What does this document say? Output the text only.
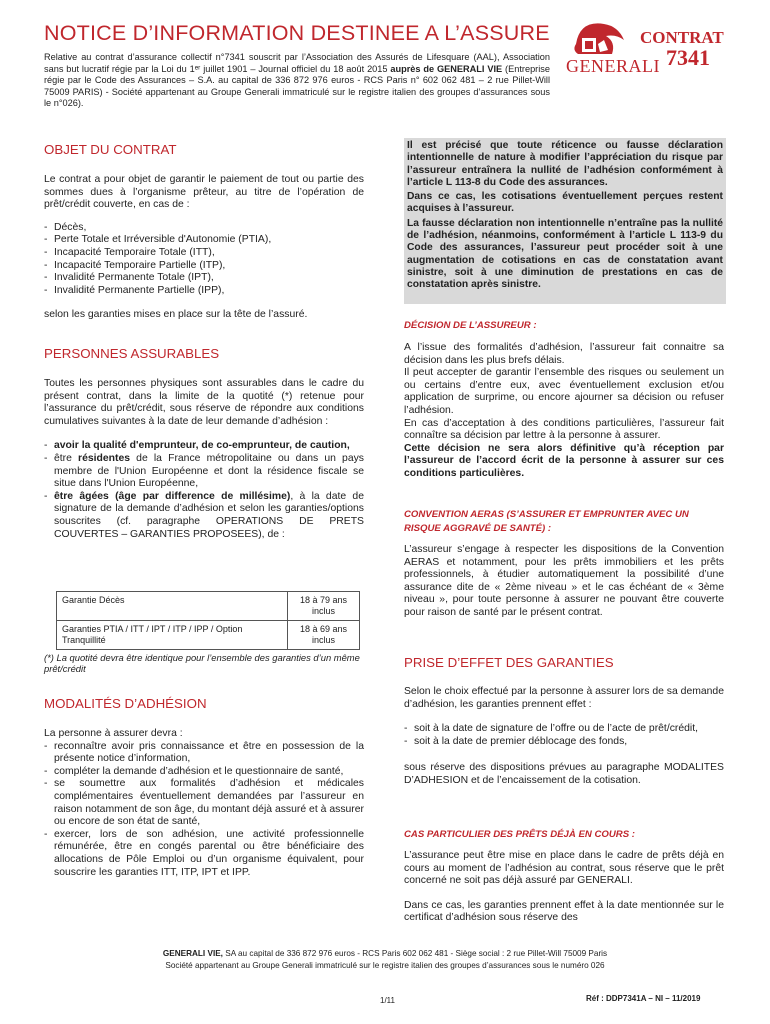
NOTICE D’INFORMATION DESTINEE A L’ASSURE
Relative au contrat d’assurance collectif n°7341 souscrit par l’Association des Assurés de Lifesquare (AAL), Association sans but lucratif régie par la Loi du 1ᵉʳ juillet 1901 – Journal officiel du 18 août 2015 auprès de GENERALI VIE (Entreprise régie par le Code des Assurances – S.A. au capital de 336 872 976 euros - RCS Paris n° 602 062 481 – 2 rue Pillet-Will 75009 PARIS) - Société appartenant au Groupe Generali immatriculé sur le registre italien des groupes d’assurances sous le n°026).
GENERALI
CONTRAT
7341
OBJET DU CONTRAT

Le contrat a pour objet de garantir le paiement de tout ou partie des sommes dues à l’organisme prêteur, au titre de l’opération de prêt/crédit couverte, en cas de :

- Décès,
- Perte Totale et Irréversible d'Autonomie (PTIA),
- Incapacité Temporaire Totale (ITT),
- Incapacité Temporaire Partielle (ITP),
- Invalidité Permanente Totale (IPT),
- Invalidité Permanente Partielle (IPP),

selon les garanties mises en place sur la tête de l’assuré.

PERSONNES ASSURABLES

Toutes les personnes physiques sont assurables dans le cadre du présent contrat, dans la limite de la quotité (*) retenue pour l’assurance du prêt/crédit, sous réserve de répondre aux conditions cumulatives suivantes à la date de leur demande d’adhésion :

- avoir la qualité d'emprunteur, de co-emprunteur, de caution,
- être résidentes de la France métropolitaine ou dans un pays membre de l'Union Européenne et dont la résidence fiscale se situe dans l'Union Européenne,
- être âgées (âge par difference de millésime), à la date de signature de la demande d’adhésion et selon les garanties/options souscrites (cf. paragraphe OPERATIONS DE PRETS COUVERTES – GARANTIES PROPOSEES), de :
Garantie Décès	18 à 79 ans inclus
Garanties PTIA / ITT / IPT / ITP / IPP / Option Tranquillité	18 à 69 ans inclus
(*) La quotité devra être identique pour l’ensemble des garanties d’un même prêt/crédit
MODALITÉS D’ADHÉSION

La personne à assurer devra :

- reconnaître avoir pris connaissance et être en possession de la présente notice d’information,
- compléter la demande d’adhésion et le questionnaire de santé,
- se soumettre aux formalités d’adhésion et médicales complémentaires éventuellement demandées par l’assureur en raison notamment de son âge, du montant déjà assuré et à assurer ou encore de son état de santé,
- exercer, lors de son adhésion, une activité professionnelle rémunérée, être en congés parental ou être bénéficiaire des allocations de Pôle Emploi ou d’un organisme équivalent, pour souscrire les garanties ITT, ITP, IPT et IPP.

Il est précisé que toute réticence ou fausse déclaration intentionnelle de nature à modifier l’appréciation du risque par l’assureur entraînera la nullité de l’adhésion conformément à l’article L 113-8 du Code des assurances.

Dans ce cas, les cotisations éventuellement perçues restent acquises à l’assureur.

La fausse déclaration non intentionnelle n’entraîne pas la nullité de l’adhésion, néanmoins, conformément à l’article L 113-9 du Code des assurances, l’assureur peut procéder soit à une augmentation de cotisations en cas de constatation avant sinistre, soit à une diminution de prestations en cas de constatation après sinistre.

DÉCISION DE L’ASSUREUR :

A l’issue des formalités d’adhésion, l’assureur fait connaitre sa décision dans les plus brefs délais.

Il peut accepter de garantir l’ensemble des risques ou seulement un ou certains d’entre eux, avec éventuellement exclusion et/ou application de surprime, ou encore ajourner sa décision ou refuser l’adhésion.

En cas d’acceptation à des conditions particulières, l’assureur fait connaître sa décision par lettre à la personne à assurer.

Cette décision ne sera alors définitive qu’à réception par l’assureur de l’accord écrit de la personne à assurer sur ces conditions particulières.

CONVENTION AERAS (S’ASSURER ET EMPRUNTER AVEC UN RISQUE AGGRAVÉ DE SANTÉ) :
L’assureur s’engage à respecter les dispositions de la Convention AERAS et notamment, pour les prêts immobiliers et les prêts professionnels, à étudier automatiquement la possibilité d’une assurance dite de « 2ème niveau » et le cas échéant de « 3ème niveau », pour toute personne à assurer ne pouvant être couverte pour raison de santé par le présent contrat.
PRISE D’EFFET DES GARANTIES

Selon le choix effectué par la personne à assurer lors de sa demande d’adhésion, les garanties prennent effet :

- soit à la date de signature de l’offre ou de l’acte de prêt/crédit,
- soit à la date de premier déblocage des fonds,

sous réserve des dispositions prévues au paragraphe MODALITES D’ADHESION et de l’encaissement de la cotisation.

CAS PARTICULIER DES PRÊTS DÉJÀ EN COURS :

L’assurance peut être mise en place dans le cadre de prêts déjà en cours au moment de l’adhésion au contrat, sous réserve que le prêt concerné ne soit pas déjà assuré par GENERALI.

Dans ce cas, les garanties prennent effet à la date mentionnée sur le certificat d’adhésion sous réserve des

GENERALI VIE, SA au capital de 336 872 976 euros - RCS Paris 602 062 481 - Siège social : 2 rue Pillet-Will 75009 Paris
Société appartenant au Groupe Generali immatriculé sur le registre italien des groupes d’assurances sous le numéro 026
1/11	Réf : DDP7341A – NI – 11/2019
